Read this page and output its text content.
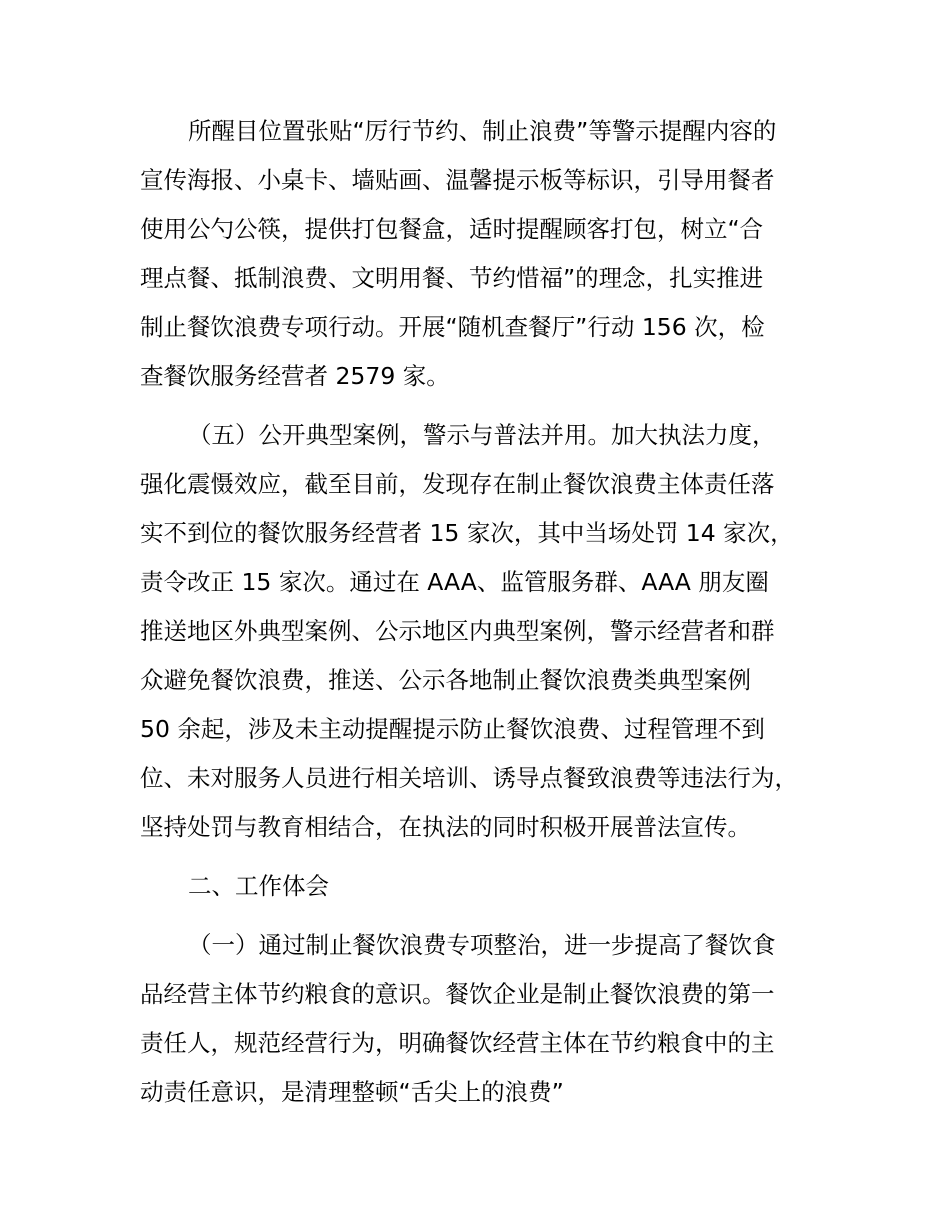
所醒目位置张贴“厉行节约、制止浪费”等警示提醒内容的
宣传海报、小桌卡、墙贴画、温馨提示板等标识，引导用餐者
使用公勺公筷，提供打包餐盒，适时提醒顾客打包，树立“合
理点餐、抵制浪费、文明用餐、节约惜福”的理念，扎实推进
制止餐饮浪费专项行动。开展“随机查餐厅”行动 156 次，检
查餐饮服务经营者 2579 家。
（五）公开典型案例，警示与普法并用。加大执法力度，
强化震慑效应，截至目前，发现存在制止餐饮浪费主体责任落
实不到位的餐饮服务经营者 15 家次，其中当场处罚 14 家次，
责令改正 15 家次。通过在 AAA、监管服务群、AAA 朋友圈
推送地区外典型案例、公示地区内典型案例，警示经营者和群
众避免餐饮浪费，推送、公示各地制止餐饮浪费类典型案例
50 余起，涉及未主动提醒提示防止餐饮浪费、过程管理不到
位、未对服务人员进行相关培训、诱导点餐致浪费等违法行为，
坚持处罚与教育相结合，在执法的同时积极开展普法宣传。
二、工作体会
（一）通过制止餐饮浪费专项整治，进一步提高了餐饮食
品经营主体节约粮食的意识。餐饮企业是制止餐饮浪费的第一
责任人，规范经营行为，明确餐饮经营主体在节约粮食中的主
动责任意识，是清理整顿“舌尖上的浪费”
